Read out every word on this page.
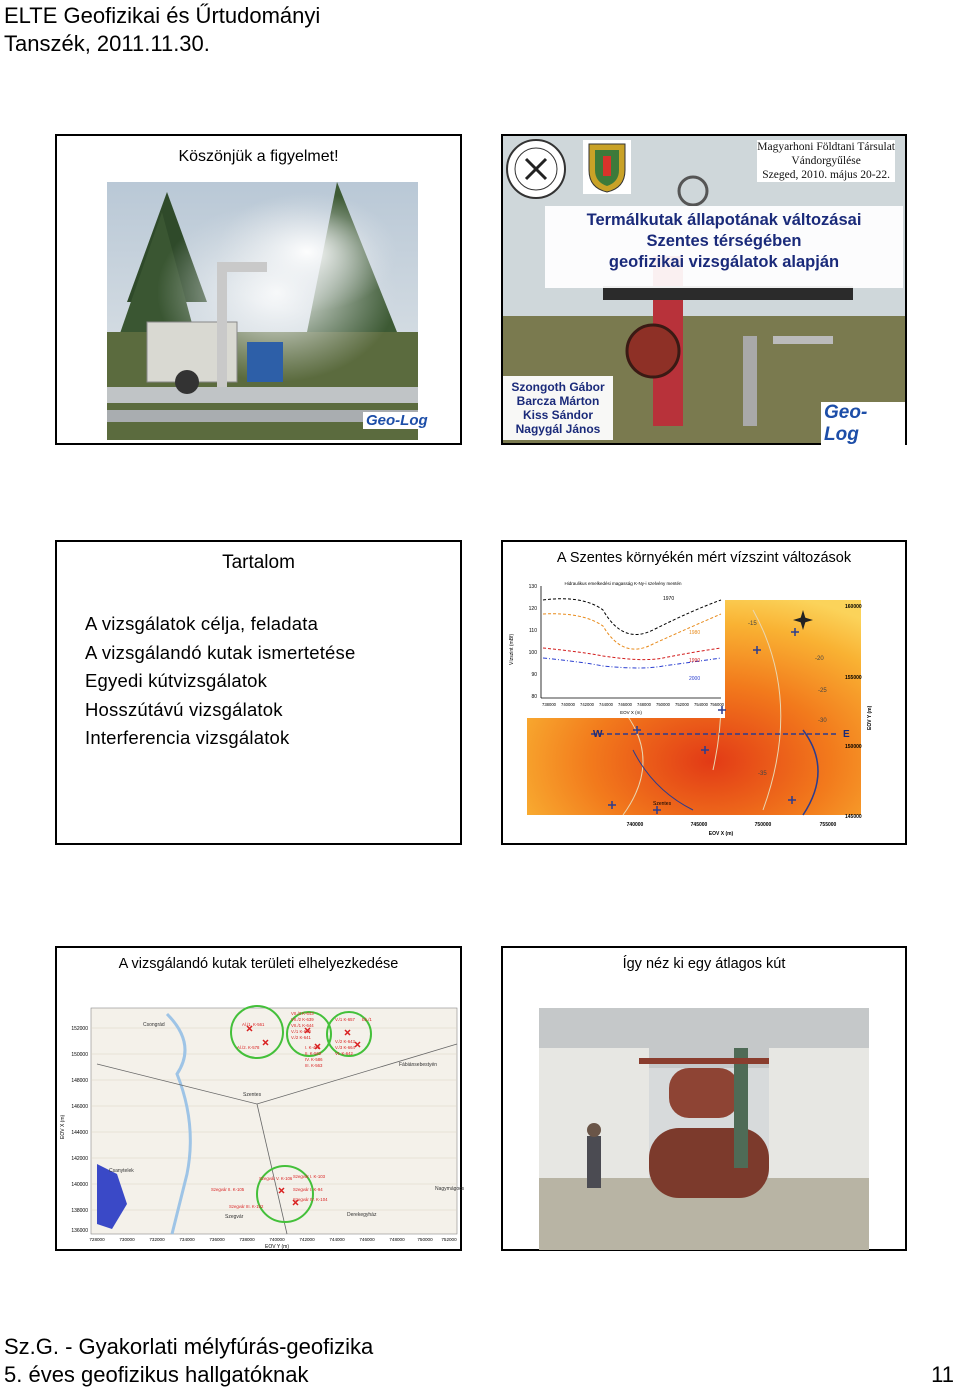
ELTE Geofizikai és Űrtudományi
Tanszék, 2011.11.30.
Sz.G. - Gyakorlati mélyfúrás-geofizika
5. éves geofizikus hallgatóknak	11
Köszönjük a figyelmet!
Geo-Log
Magyarhoni Földtani Társulat
Vándorgyűlése
Szeged, 2010. május 20-22.
Termálkutak állapotának változásai
Szentes térségében
geofizikai vizsgálatok alapján
Szongoth Gábor
Barcza Márton
Kiss Sándor
Nagygál János
Geo-Log
Tartalom
A vizsgálatok célja, feladata
A vizsgálandó kutak ismertetése
Egyedi kútvizsgálatok
Hosszútávú vizsgálatok
Interferencia vizsgálatok
A Szentes környékén mért vízszint változások
Hidraulikus emelkedési magasság K-Ny-i szelvény mentén
130
120
110
100
90
80
Vízszint (mBf)
738000 740000 742000 744000 746000 748000 750000 752000 754000 756000
EOV X (m)
1970
1980
1990
2000
W	E
-15
-20
-25
-30
-35
Szentes
160000
155000
150000
145000
EOV Y (m)
740000	745000	750000	755000
EOV X (m)
A vizsgálandó kutak területi elhelyezkedése
Al./1. K-561
Al./2. K-578
VII./3 K-643
VII./2 K-639
VII./1 K-644
V./1 K-640
V./2 K-641
I. K-405
II. K-562
IV. K-586
VI. K-642
III. K-563
V./1 K-657 Ek./1
V./2 K-643
V./3 K-664
Szegvár V. K-106
Szegvár II. K-105
Szegvár III. K-102
Szegvár I. K-103
Szegvár I. K-94
Szegvár IV. K-104
Csongrád
Szentes
Csanytelek
Fábiánsebestyén
Derekegyház
Nagymágocs
Szegvár
152000
150000
148000
146000
144000
142000
140000
138000
136000
EOV X (m)
728000	730000	732000	734000	736000	738000	740000	742000	744000	746000	748000	750000 752000
EOV Y (m)
Így néz ki egy átlagos kút
